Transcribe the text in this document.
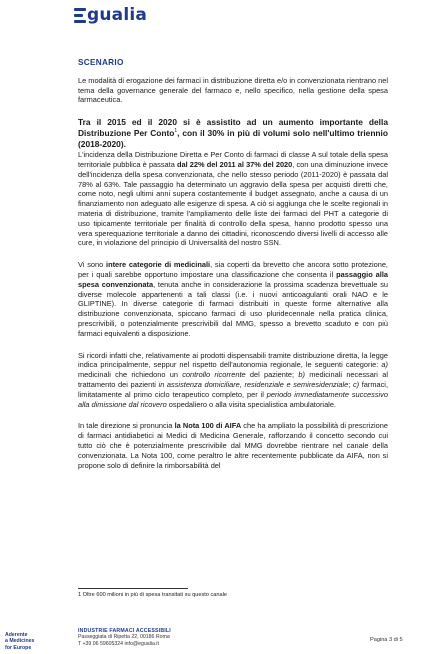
gualia
SCENARIO

Le modalità di erogazione dei farmaci in distribuzione diretta e/o in convenzionata rientrano nel tema della governance generale del farmaco e, nello specifico, nella gestione della spesa farmaceutica.

Tra il 2015 ed il 2020 si è assistito ad un aumento importante della Distribuzione Per Conto$^1$, con il 30% in più di volumi solo nell'ultimo triennio (2018-2020).

L'incidenza della Distribuzione Diretta e Per Conto di farmaci di classe A sul totale della spesa territoriale pubblica è passata dal 22% del 2011 al 37% del 2020, con una diminuzione invece dell'incidenza della spesa convenzionata, che nello stesso periodo (2011-2020) è passata dal 78% al 63%. Tale passaggio ha determinato un aggravio della spesa per acquisti diretti che, come noto, negli ultimi anni supera costantemente il budget assegnato, anche a causa di un finanziamento non adeguato alle esigenze di spesa. A ciò si aggiunga che le scelte regionali in materia di distribuzione, tramite l'ampliamento delle liste dei farmaci del PHT a categorie di uso tipicamente territoriale per finalità di controllo della spesa, hanno prodotto spesso una vera sperequazione territoriale a danno dei cittadini, riconoscendo diversi livelli di accesso alle cure, in violazione del principio di Universalità del nostro SSN.

Vi sono intere categorie di medicinali, sia coperti da brevetto che ancora sotto protezione, per i quali sarebbe opportuno impostare una classificazione che consenta il passaggio alla spesa convenzionata, tenuta anche in considerazione la prossima scadenza brevettuale su diverse molecole appartenenti a tali classi (i.e. i nuovi anticoagulanti orali NAO e le GLIPTINE). In diverse categorie di farmaci distribuiti in queste forme alternative alla distribuzione convenzionata, spiccano farmaci di uso pluridecennale nella pratica clinica, prescrivibili, o potenzialmente prescrivibili dal MMG, spesso a brevetto scaduto e con più farmaci equivalenti a disposizione.

Si ricordi infatti che, relativamente ai prodotti dispensabili tramite distribuzione diretta, la legge indica principalmente, seppur nel rispetto dell'autonomia regionale, le seguenti categorie: a) medicinali che richiedono un controllo ricorrente del paziente; b) medicinali necessari al trattamento dei pazienti in assistenza domiciliare, residenziale e semiresidenziale; c) farmaci, limitatamente al primo ciclo terapeutico completo, per il periodo immediatamente successivo alla dimissione dal ricovero ospedaliero o alla visita specialistica ambulatoriale.

In tale direzione si pronuncia la Nota 100 di AIFA che ha ampliato la possibilità di prescrizione di farmaci antidiabetici ai Medici di Medicina Generale, rafforzando il concetto secondo cui tutto ciò che è potenzialmente prescrivibile dal MMG dovrebbe rientrare nel canale della convenzionata. La Nota 100, come peraltro le altre recentemente pubblicate da AIFA, non si propone solo di definire la rimborsabilità del

1 Oltre 600 milioni in più di spesa transitati su questo canale
Aderente
a Medicines
for Europe
INDUSTRIE FARMACI ACCESSIBILI
Passeggiata di Ripetta 22, 00186 Roma
T +39 06 59605324 info@egualia.it
Pagina 3 di 5
